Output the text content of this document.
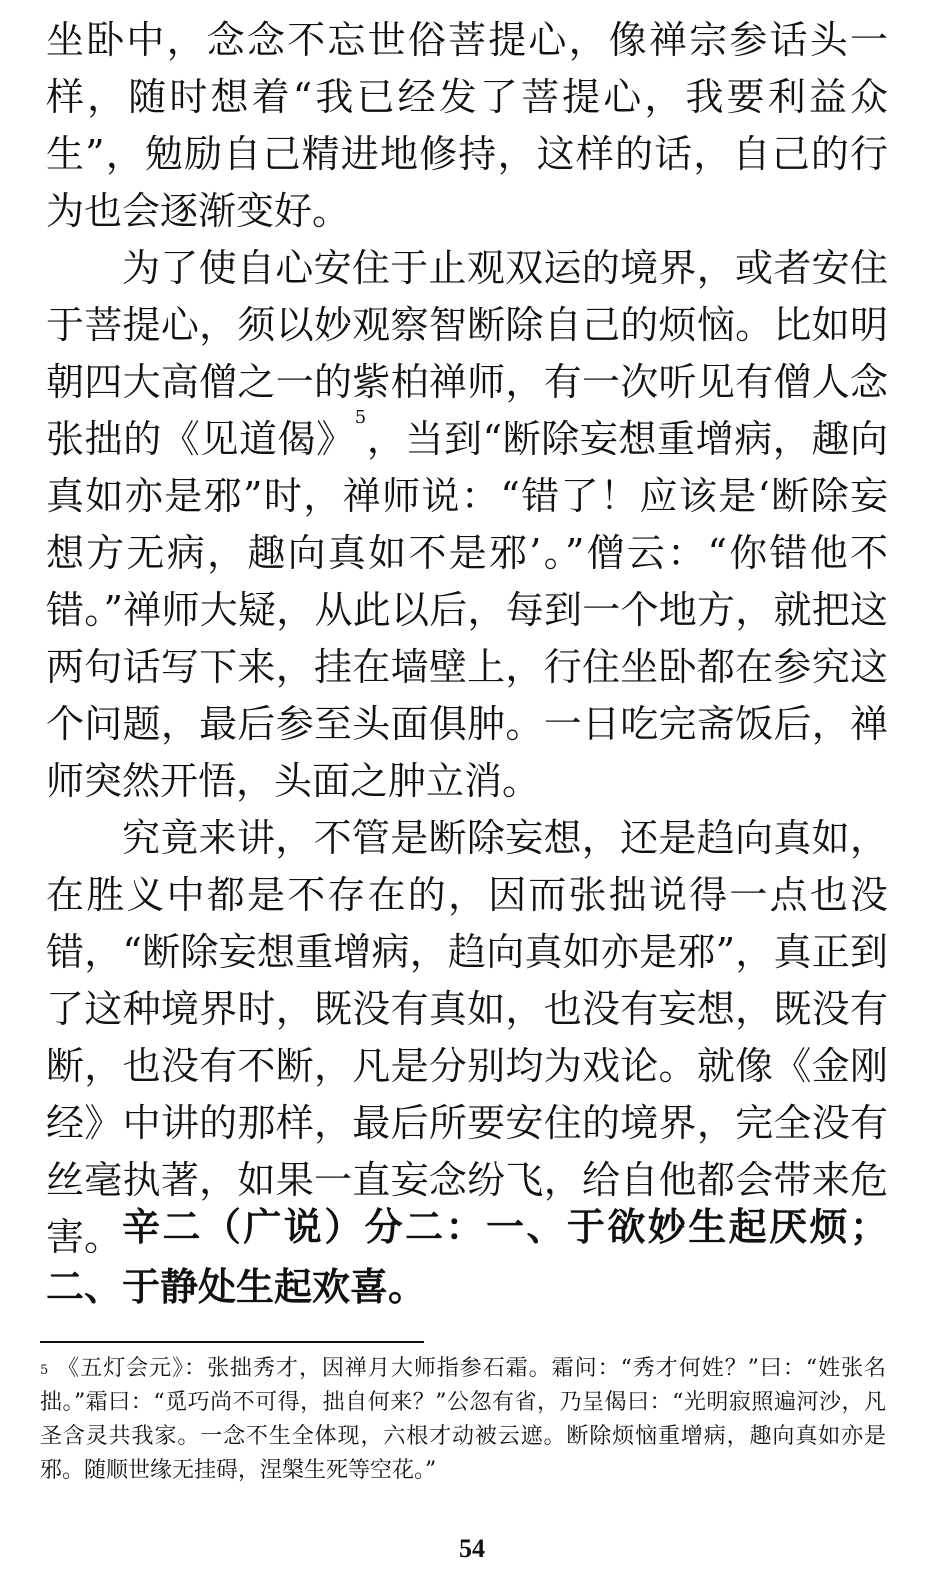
坐卧中，念念不忘世俗菩提心，像禅宗参话头一样，随时想着“我已经发了菩提心，我要利益众生”，勉励自己精进地修持，这样的话，自己的行为也会逐渐变好。

为了使自心安住于止观双运的境界，或者安住于菩提心，须以妙观察智断除自己的烦恼。比如明朝四大高僧之一的紫柏禅师，有一次听见有僧人念张拙的《见道偈》$^5$，当到“断除妄想重增病，趣向真如亦是邪”时，禅师说：“错了！应该是‘断除妄想方无病，趣向真如不是邪’。”僧云：“你错他不错。”禅师大疑，从此以后，每到一个地方，就把这两句话写下来，挂在墙壁上，行住坐卧都在参究这个问题，最后参至头面俱肿。一日吃完斋饭后，禅师突然开悟，头面之肿立消。

究竟来讲，不管是断除妄想，还是趋向真如，在胜义中都是不存在的，因而张拙说得一点也没错，“断除妄想重增病，趋向真如亦是邪”，真正到了这种境界时，既没有真如，也没有妄想，既没有断，也没有不断，凡是分别均为戏论。就像《金刚经》中讲的那样，最后所要安住的境界，完全没有丝毫执著，如果一直妄念纷飞，给自他都会带来危害。 辛二（广说）分二：一、于欲妙生起厌烦；二、于静处生起欢喜。

$^5$ 《五灯会元》：张拙秀才，因禅月大师指参石霜。霜问：“秀才何姓？”曰：“姓张名拙。”霜曰：“觅巧尚不可得，拙自何来？”公忽有省，乃呈偈曰：“光明寂照遍河沙，凡圣含灵共我家。一念不生全体现，六根才动被云遮。断除烦恼重增病，趣向真如亦是邪。随顺世缘无挂碍，涅槃生死等空花。”

54
